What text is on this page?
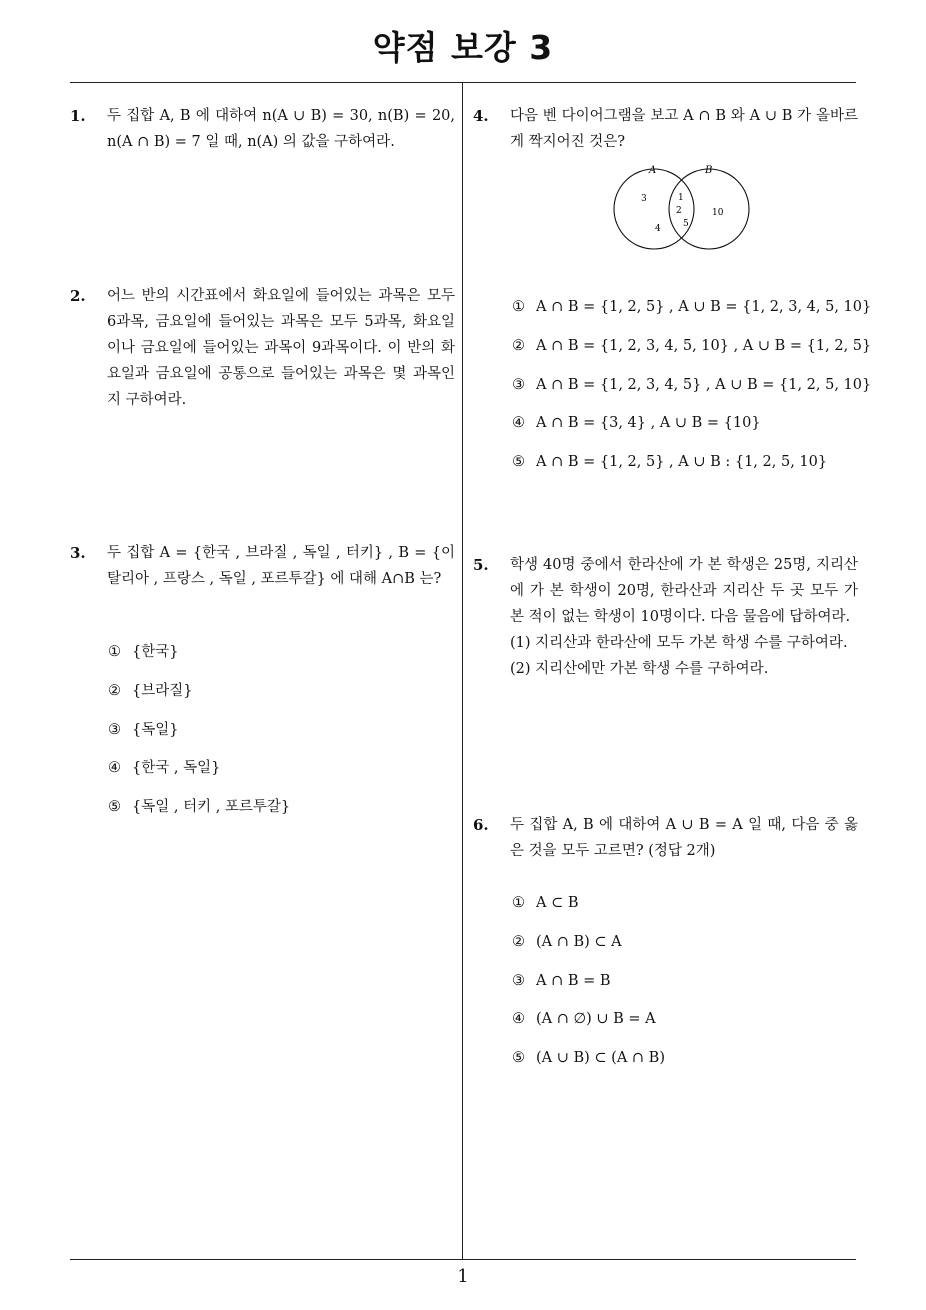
약점 보강 3
1
1. 두 집합 A, B 에 대하여 n(A ∪ B) = 30, n(B) = 20, n(A ∩ B) = 7 일 때, n(A) 의 값을 구하여라.
2. 어느 반의 시간표에서 화요일에 들어있는 과목은 모두 6과목, 금요일에 들어있는 과목은 모두 5과목, 화요일이나 금요일에 들어있는 과목이 9과목이다. 이 반의 화요일과 금요일에 공통으로 들어있는 과목은 몇 과목인지 구하여라.
3. 두 집합 A = {한국 , 브라질 , 독일 , 터키} , B = {이탈리아 , 프랑스 , 독일 , 포르투갈} 에 대해 A∩B 는?
① {한국}
② {브라질}
③ {독일}
④ {한국 , 독일}
⑤ {독일 , 터키 , 포르투갈}
4. 다음 벤 다이어그램을 보고 A ∩ B 와 A ∪ B 가 올바르게 짝지어진 것은?
A	B
3
4
1
2
5
10
① A ∩ B = {1, 2, 5} , A ∪ B = {1, 2, 3, 4, 5, 10}
② A ∩ B = {1, 2, 3, 4, 5, 10} , A ∪ B = {1, 2, 5}
③ A ∩ B = {1, 2, 3, 4, 5} , A ∪ B = {1, 2, 5, 10}
④ A ∩ B = {3, 4} , A ∪ B = {10}
⑤ A ∩ B = {1, 2, 5} , A ∪ B : {1, 2, 5, 10}
5. 학생 40명 중에서 한라산에 가 본 학생은 25명, 지리산에 가 본 학생이 20명, 한라산과 지리산 두 곳 모두 가 본 적이 없는 학생이 10명이다. 다음 물음에 답하여라.
(1) 지리산과 한라산에 모두 가본 학생 수를 구하여라.
(2) 지리산에만 가본 학생 수를 구하여라.
6. 두 집합 A, B 에 대하여 A ∪ B = A 일 때, 다음 중 옳은 것을 모두 고르면? (정답 2개)
① A ⊂ B
② (A ∩ B) ⊂ A
③ A ∩ B = B
④ (A ∩ ∅) ∪ B = A
⑤ (A ∪ B) ⊂ (A ∩ B)
